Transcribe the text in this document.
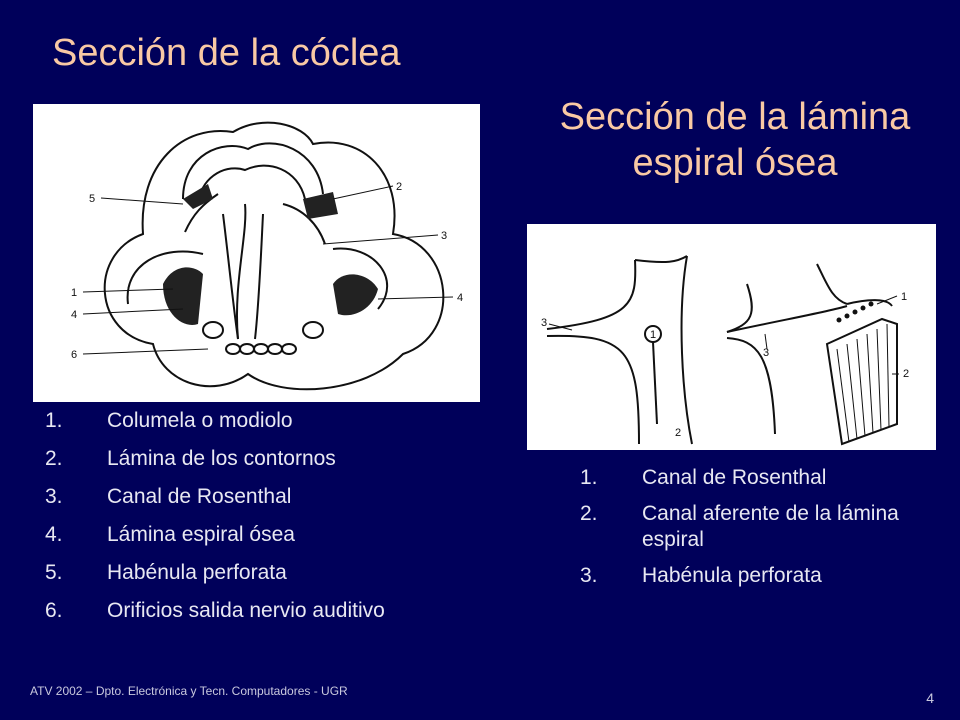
Sección de la cóclea
Sección de la lámina espiral ósea
5
2
3
1
4
4
6
3
1
2
1
3
2
1. Columela o modiolo
2. Lámina de los contornos
3. Canal de Rosenthal
4. Lámina espiral ósea
5. Habénula perforata
6. Orificios salida nervio auditivo
1. Canal de Rosenthal
2. Canal aferente de la lámina espiral
3. Habénula perforata
ATV 2002 – Dpto. Electrónica y Tecn. Computadores - UGR	4
